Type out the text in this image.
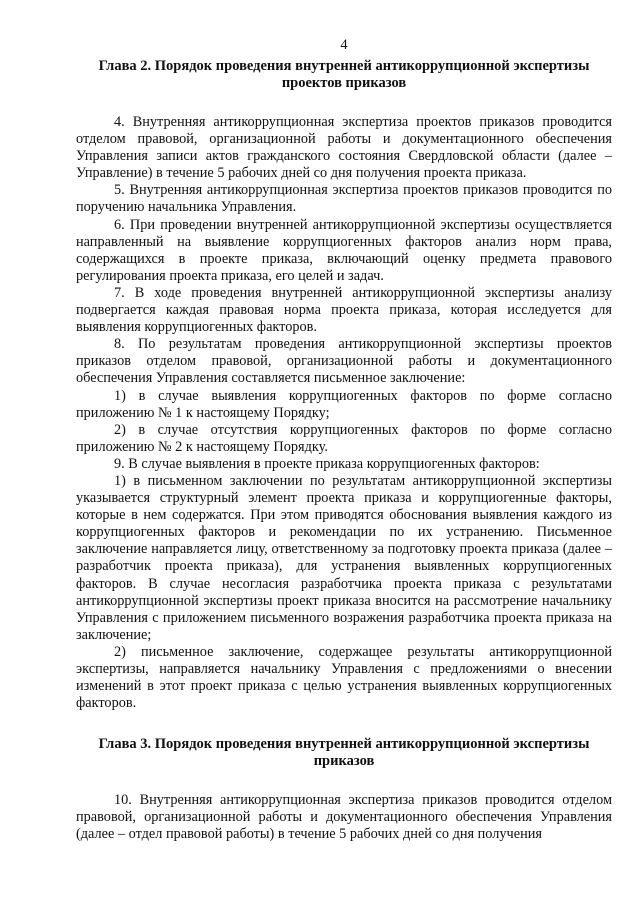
4
Глава 2. Порядок проведения внутренней антикоррупционной экспертизы
проектов приказов

4. Внутренняя антикоррупционная экспертиза проектов приказов проводится отделом правовой, организационной работы и документационного обеспечения Управления записи актов гражданского состояния Свердловской области (далее – Управление) в течение 5 рабочих дней со дня получения проекта приказа.

5. Внутренняя антикоррупционная экспертиза проектов приказов проводится по поручению начальника Управления.

6. При проведении внутренней антикоррупционной экспертизы осуществляется направленный на выявление коррупциогенных факторов анализ норм права, содержащихся в проекте приказа, включающий оценку предмета правового регулирования проекта приказа, его целей и задач.

7. В ходе проведения внутренней антикоррупционной экспертизы анализу подвергается каждая правовая норма проекта приказа, которая исследуется для выявления коррупциогенных факторов.

8. По результатам проведения антикоррупционной экспертизы проектов приказов отделом правовой, организационной работы и документационного обеспечения Управления составляется письменное заключение:

1) в случае выявления коррупциогенных факторов по форме согласно приложению № 1 к настоящему Порядку;

2) в случае отсутствия коррупциогенных факторов по форме согласно приложению № 2 к настоящему Порядку.

9. В случае выявления в проекте приказа коррупциогенных факторов:

1) в письменном заключении по результатам антикоррупционной экспертизы указывается структурный элемент проекта приказа и коррупциогенные факторы, которые в нем содержатся. При этом приводятся обоснования выявления каждого из коррупциогенных факторов и рекомендации по их устранению. Письменное заключение направляется лицу, ответственному за подготовку проекта приказа (далее – разработчик проекта приказа), для устранения выявленных коррупциогенных факторов. В случае несогласия разработчика проекта приказа с результатами антикоррупционной экспертизы проект приказа вносится на рассмотрение начальнику Управления с приложением письменного возражения разработчика проекта приказа на заключение;

2) письменное заключение, содержащее результаты антикоррупционной экспертизы, направляется начальнику Управления с предложениями о внесении изменений в этот проект приказа с целью устранения выявленных коррупциогенных факторов.

Глава 3. Порядок проведения внутренней антикоррупционной экспертизы
приказов

10. Внутренняя антикоррупционная экспертиза приказов проводится отделом правовой, организационной работы и документационного обеспечения Управления (далее – отдел правовой работы) в течение 5 рабочих дней со дня получения
